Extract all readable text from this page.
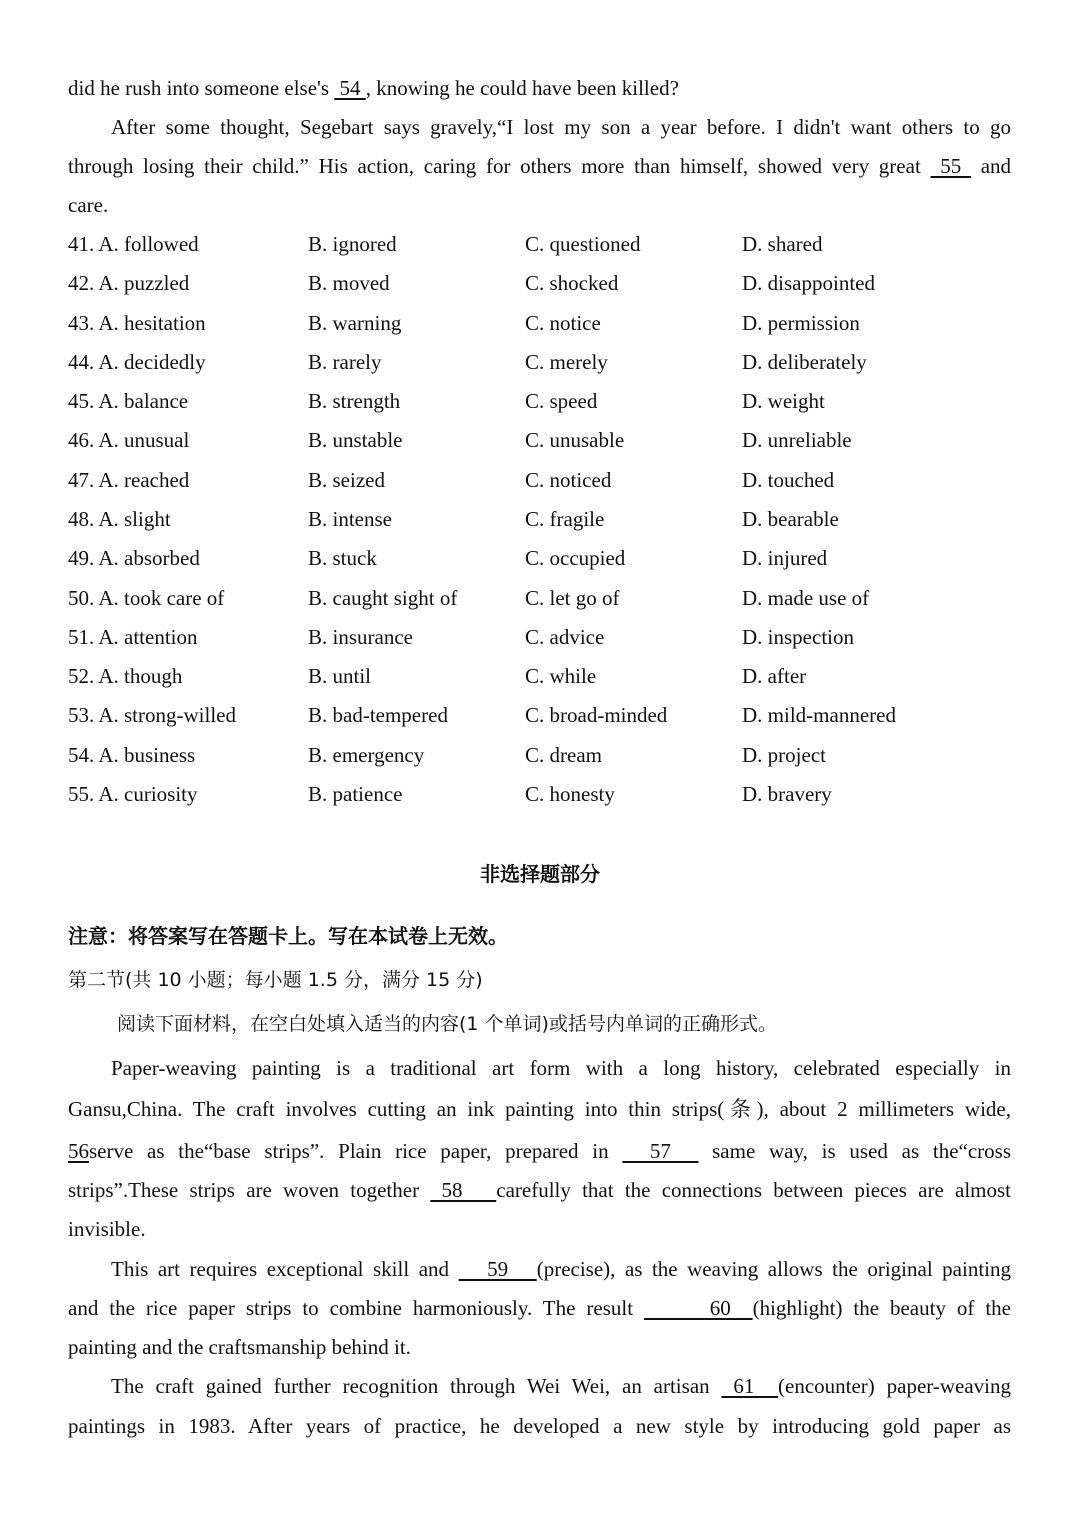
did he rush into someone else's  54 , knowing he could have been killed?
After some thought, Segebart says gravely,“I lost my son a year before. I didn't want others to go
through losing their child.” His action, caring for others more than himself, showed very great  55  and
care.
41. A. followed	B. ignored	C. questioned	D. shared
42. A. puzzled	B. moved	C. shocked	D. disappointed
43. A. hesitation	B. warning	C. notice	D. permission
44. A. decidedly	B. rarely	C. merely	D. deliberately
45. A. balance	B. strength	C. speed	D. weight
46. A. unusual	B. unstable	C. unusable	D. unreliable
47. A. reached	B. seized	C. noticed	D. touched
48. A. slight	B. intense	C. fragile	D. bearable
49. A. absorbed	B. stuck	C. occupied	D. injured
50. A. took care of	B. caught sight of	C. let go of	D. made use of
51. A. attention	B. insurance	C. advice	D. inspection
52. A. though	B. until	C. while	D. after
53. A. strong-willed	B. bad-tempered	C. broad-minded	D. mild-mannered
54. A. business	B. emergency	C. dream	D. project
55. A. curiosity	B. patience	C. honesty	D. bravery
非选择题部分
注意：将答案写在答题卡上。写在本试卷上无效。
第二节(共 10 小题；每小题 1.5 分，满分 15 分)
阅读下面材料，在空白处填入适当的内容(1 个单词)或括号内单词的正确形式。
Paper-weaving painting is a traditional art form with a long history, celebrated especially in
Gansu,China. The craft involves cutting an ink painting into thin strips(条), about 2 millimeters wide,
56serve as the“base strips”. Plain rice paper, prepared in   57   same way, is used as the“cross
strips”.These strips are woven together  58   carefully that the connections between pieces are almost
invisible.
This art requires exceptional skill and    59   (precise), as the weaving allows the original painting
and the rice paper strips to combine harmoniously. The result       60  (highlight) the beauty of the
painting and the craftsmanship behind it.
The craft gained further recognition through Wei Wei, an artisan  61  (encounter) paper-weaving
paintings in 1983. After years of practice, he developed a new style by introducing gold paper as
